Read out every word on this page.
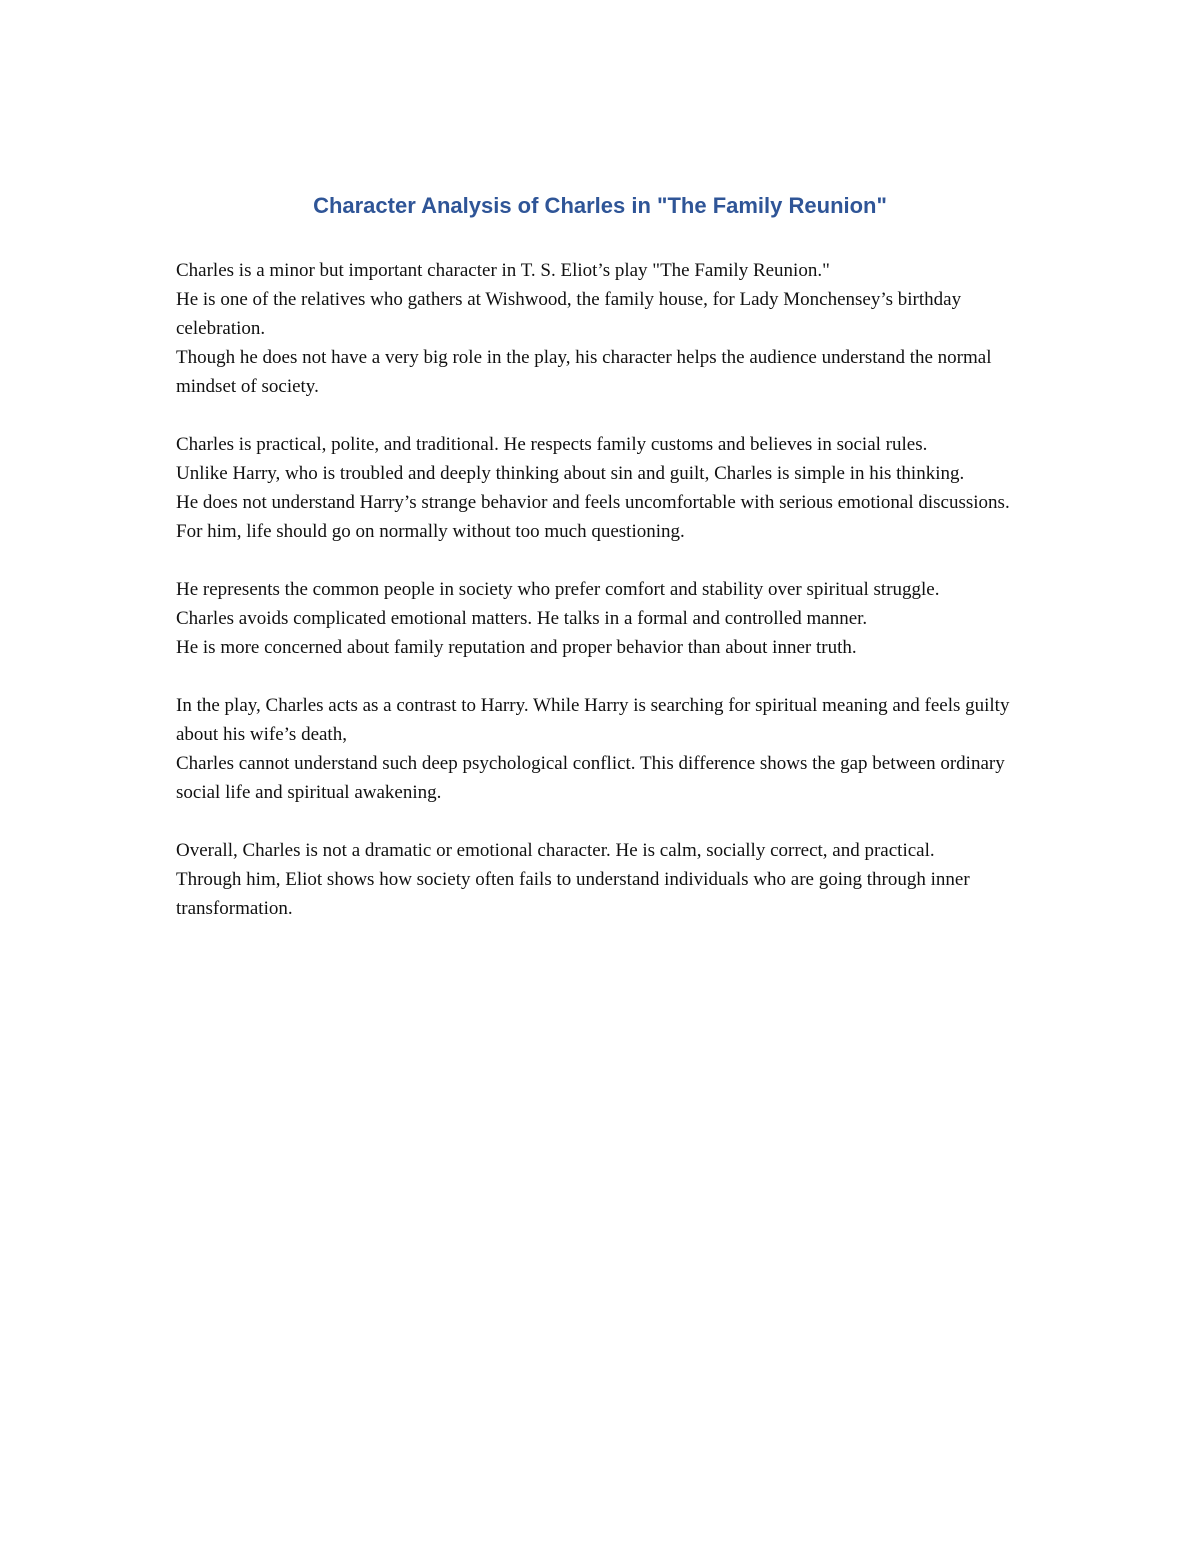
Character Analysis of Charles in "The Family Reunion"
Charles is a minor but important character in T. S. Eliot’s play "The Family Reunion."
He is one of the relatives who gathers at Wishwood, the family house, for Lady Monchensey’s birthday celebration.
Though he does not have a very big role in the play, his character helps the audience understand the normal mindset of society.
Charles is practical, polite, and traditional. He respects family customs and believes in social rules.
Unlike Harry, who is troubled and deeply thinking about sin and guilt, Charles is simple in his thinking.
He does not understand Harry’s strange behavior and feels uncomfortable with serious emotional discussions.
For him, life should go on normally without too much questioning.
He represents the common people in society who prefer comfort and stability over spiritual struggle.
Charles avoids complicated emotional matters. He talks in a formal and controlled manner.
He is more concerned about family reputation and proper behavior than about inner truth.
In the play, Charles acts as a contrast to Harry. While Harry is searching for spiritual meaning and feels guilty about his wife’s death,
Charles cannot understand such deep psychological conflict. This difference shows the gap between ordinary social life and spiritual awakening.
Overall, Charles is not a dramatic or emotional character. He is calm, socially correct, and practical.
Through him, Eliot shows how society often fails to understand individuals who are going through inner transformation.
